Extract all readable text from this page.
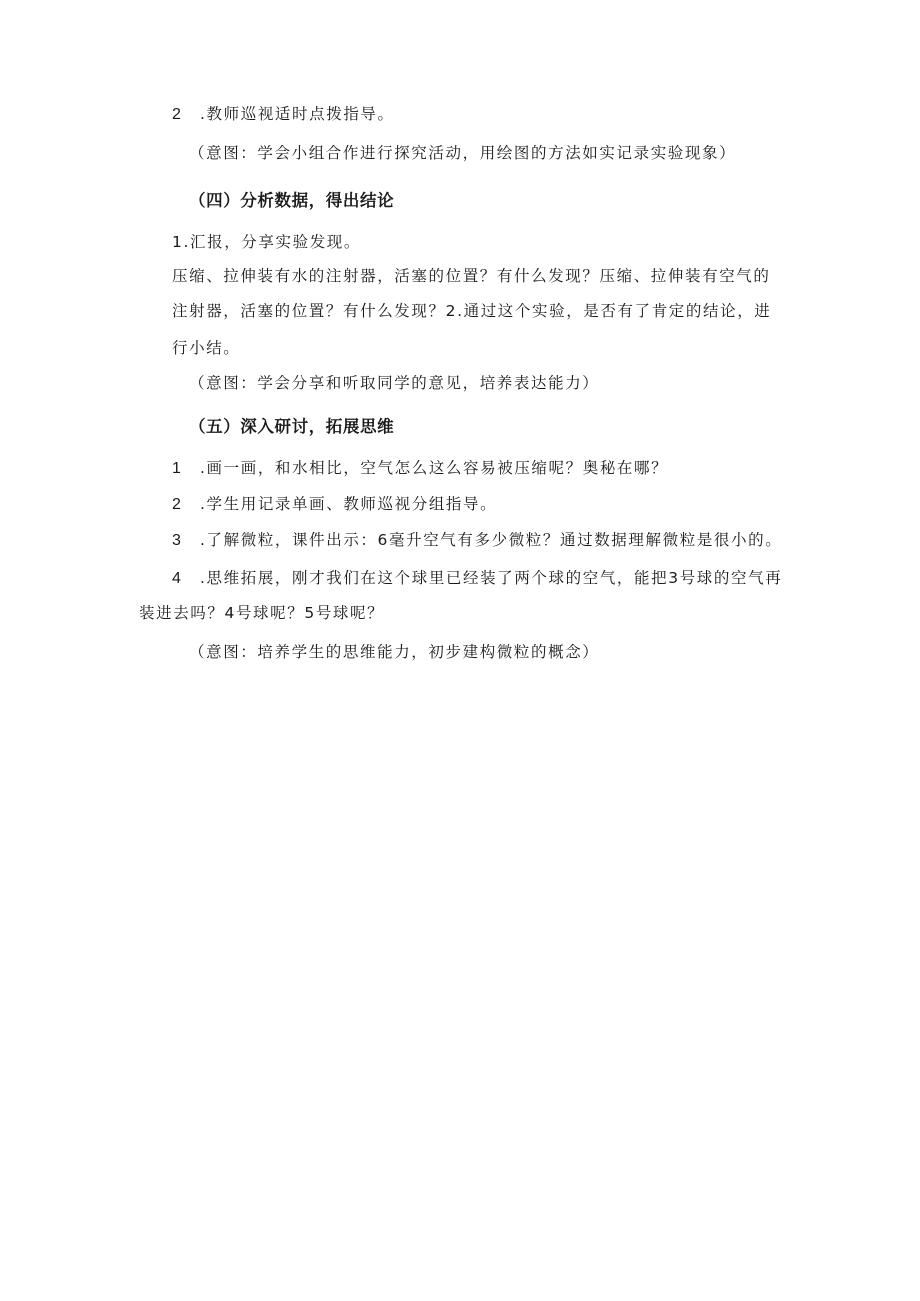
2 .教师巡视适时点拨指导。
（意图：学会小组合作进行探究活动，用绘图的方法如实记录实验现象）
（四）分析数据，得出结论
1.汇报，分享实验发现。
压缩、拉伸装有水的注射器，活塞的位置？有什么发现？压缩、拉伸装有空气的
注射器，活塞的位置？有什么发现？2.通过这个实验，是否有了肯定的结论，进
行小结。
（意图：学会分享和听取同学的意见，培养表达能力）
（五）深入研讨，拓展思维
1 .画一画，和水相比，空气怎么这么容易被压缩呢？奥秘在哪？
2 .学生用记录单画、教师巡视分组指导。
3 .了解微粒，课件出示：6毫升空气有多少微粒？通过数据理解微粒是很小的。
4 .思维拓展，刚才我们在这个球里已经装了两个球的空气，能把3号球的空气再
装进去吗？4号球呢？5号球呢？
（意图：培养学生的思维能力，初步建构微粒的概念）
